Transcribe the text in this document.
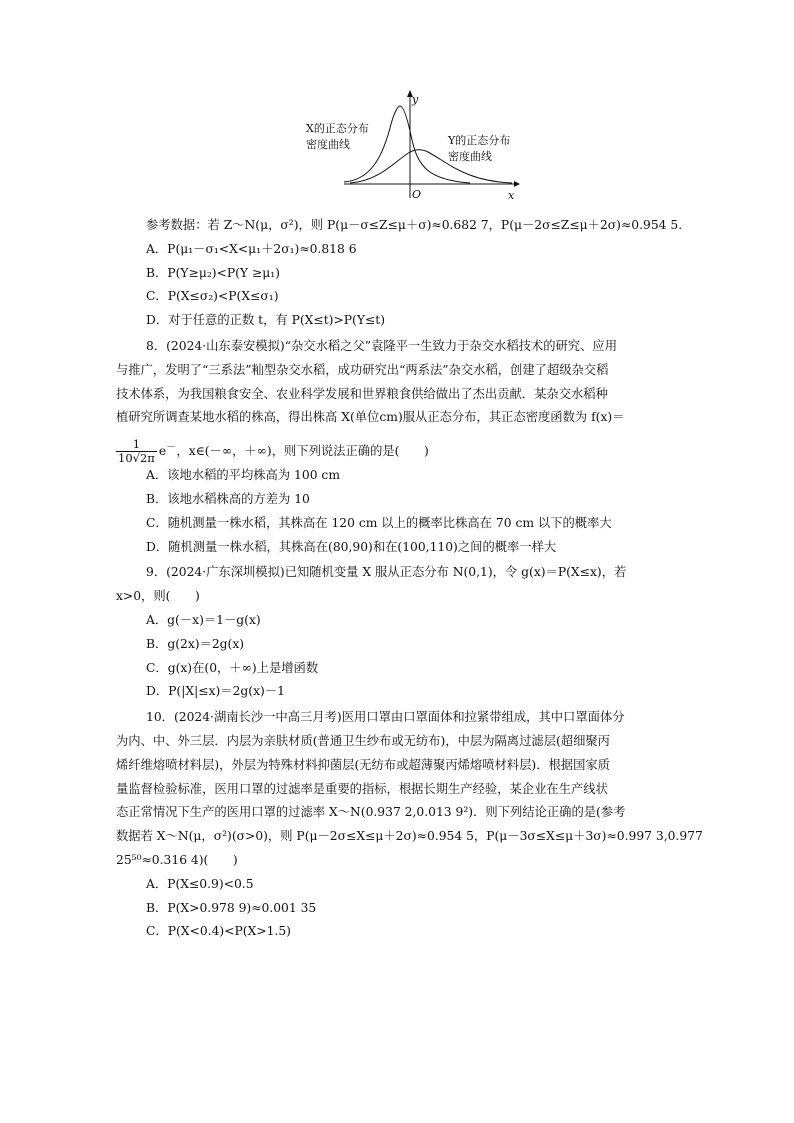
y
x
O
X的正态分布
密度曲线	Y的正态分布
密度曲线
参考数据：若 Z～N(μ，σ²)，则 P(μ－σ≤Z≤μ＋σ)≈0.682 7，P(μ－2σ≤Z≤μ＋2σ)≈0.954 5.
A．P(μ₁－σ₁<X<μ₁＋2σ₁)≈0.818 6
B．P(Y≥μ₂)<P(Y ≥μ₁)
C．P(X≤σ₂)<P(X≤σ₁)
D．对于任意的正数 t，有 P(X≤t)>P(Y≤t)
8．(2024·山东泰安模拟)“杂交水稻之父”袁隆平一生致力于杂交水稻技术的研究、应用
与推广，发明了“三系法”籼型杂交水稻，成功研究出“两系法”杂交水稻，创建了超级杂交稻
技术体系，为我国粮食安全、农业科学发展和世界粮食供给做出了杰出贡献．某杂交水稻种
植研究所调查某地水稻的株高，得出株高 X(单位cm)服从正态分布，其正态密度函数为 f(x)＝
$\frac{1}{10√2\pi} e^-$，x∈(－∞，＋∞)，则下列说法正确的是(　　)
A．该地水稻的平均株高为 100 cm
B．该地水稻株高的方差为 10
C．随机测量一株水稻，其株高在 120 cm 以上的概率比株高在 70 cm 以下的概率大
D．随机测量一株水稻，其株高在(80,90)和在(100,110)之间的概率一样大
9．(2024·广东深圳模拟)已知随机变量 X 服从正态分布 N(0,1)，令 g(x)＝P(X≤x)，若
x>0，则(　　)
A．g(－x)＝1－g(x)
B．g(2x)＝2g(x)
C．g(x)在(0，＋∞)上是增函数
D．P(|X|≤x)＝2g(x)－1
10．(2024·湖南长沙一中高三月考)医用口罩由口罩面体和拉紧带组成，其中口罩面体分
为内、中、外三层．内层为亲肤材质(普通卫生纱布或无纺布)，中层为隔离过滤层(超细聚丙
烯纤维熔喷材料层)，外层为特殊材料抑菌层(无纺布或超薄聚丙烯熔喷材料层)．根据国家质
量监督检验标准，医用口罩的过滤率是重要的指标，根据长期生产经验，某企业在生产线状
态正常情况下生产的医用口罩的过滤率 X～N(0.937 2,0.013 9²)．则下列结论正确的是(参考
数据若 X～N(μ，σ²)(σ>0)，则 P(μ－2σ≤X≤μ＋2σ)≈0.954 5，P(μ－3σ≤X≤μ＋3σ)≈0.997 3,0.977
25⁵⁰≈0.316 4)(　　)
A．P(X≤0.9)<0.5
B．P(X>0.978 9)≈0.001 35
C．P(X<0.4)<P(X>1.5)
